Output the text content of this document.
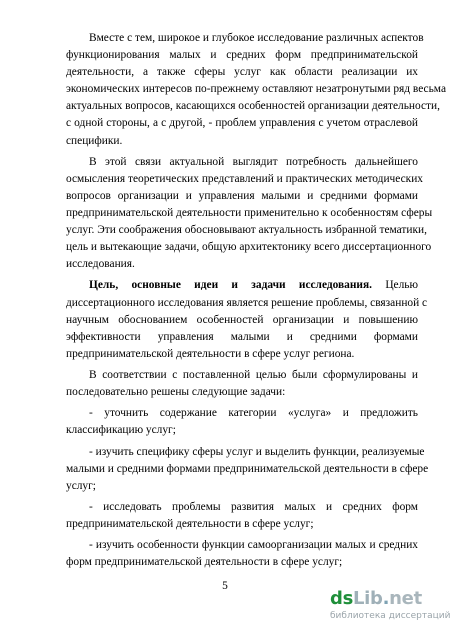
Вместе с тем, широкое и глубокое исследование различных аспектов

функционирования малых и средних форм предпринимательской

деятельности, а также сферы услуг как области реализации их

экономических интересов по-прежнему оставляют незатронутыми ряд весьма

актуальных вопросов, касающихся особенностей организации деятельности,

с одной стороны, а с другой, - проблем управления с учетом отраслевой

специфики.

В этой связи актуальной выглядит потребность дальнейшего

осмысления теоретических представлений и практических методических

вопросов организации и управления малыми и средними формами

предпринимательской деятельности применительно к особенностям сферы

услуг. Эти соображения обосновывают актуальность избранной тематики,

цель и вытекающие задачи, общую архитектонику всего диссертационного

исследования.

Цель, основные идеи и задачи исследования. Целью

диссертационного исследования является решение проблемы, связанной с

научным обоснованием особенностей организации и повышению

эффективности управления малыми и средними формами

предпринимательской деятельности в сфере услуг региона.

В соответствии с поставленной целью были сформулированы и

последовательно решены следующие задачи:

- уточнить содержание категории «услуга» и предложить

классификацию услуг;

- изучить специфику сферы услуг и выделить функции, реализуемые

малыми и средними формами предпринимательской деятельности в сфере

услуг;

- исследовать проблемы развития малых и средних форм

предпринимательской деятельности в сфере услуг;

- изучить особенности функции самоорганизации малых и средних

форм предпринимательской деятельности в сфере услуг;

5
dsLib.net
библиотека диссертаций
